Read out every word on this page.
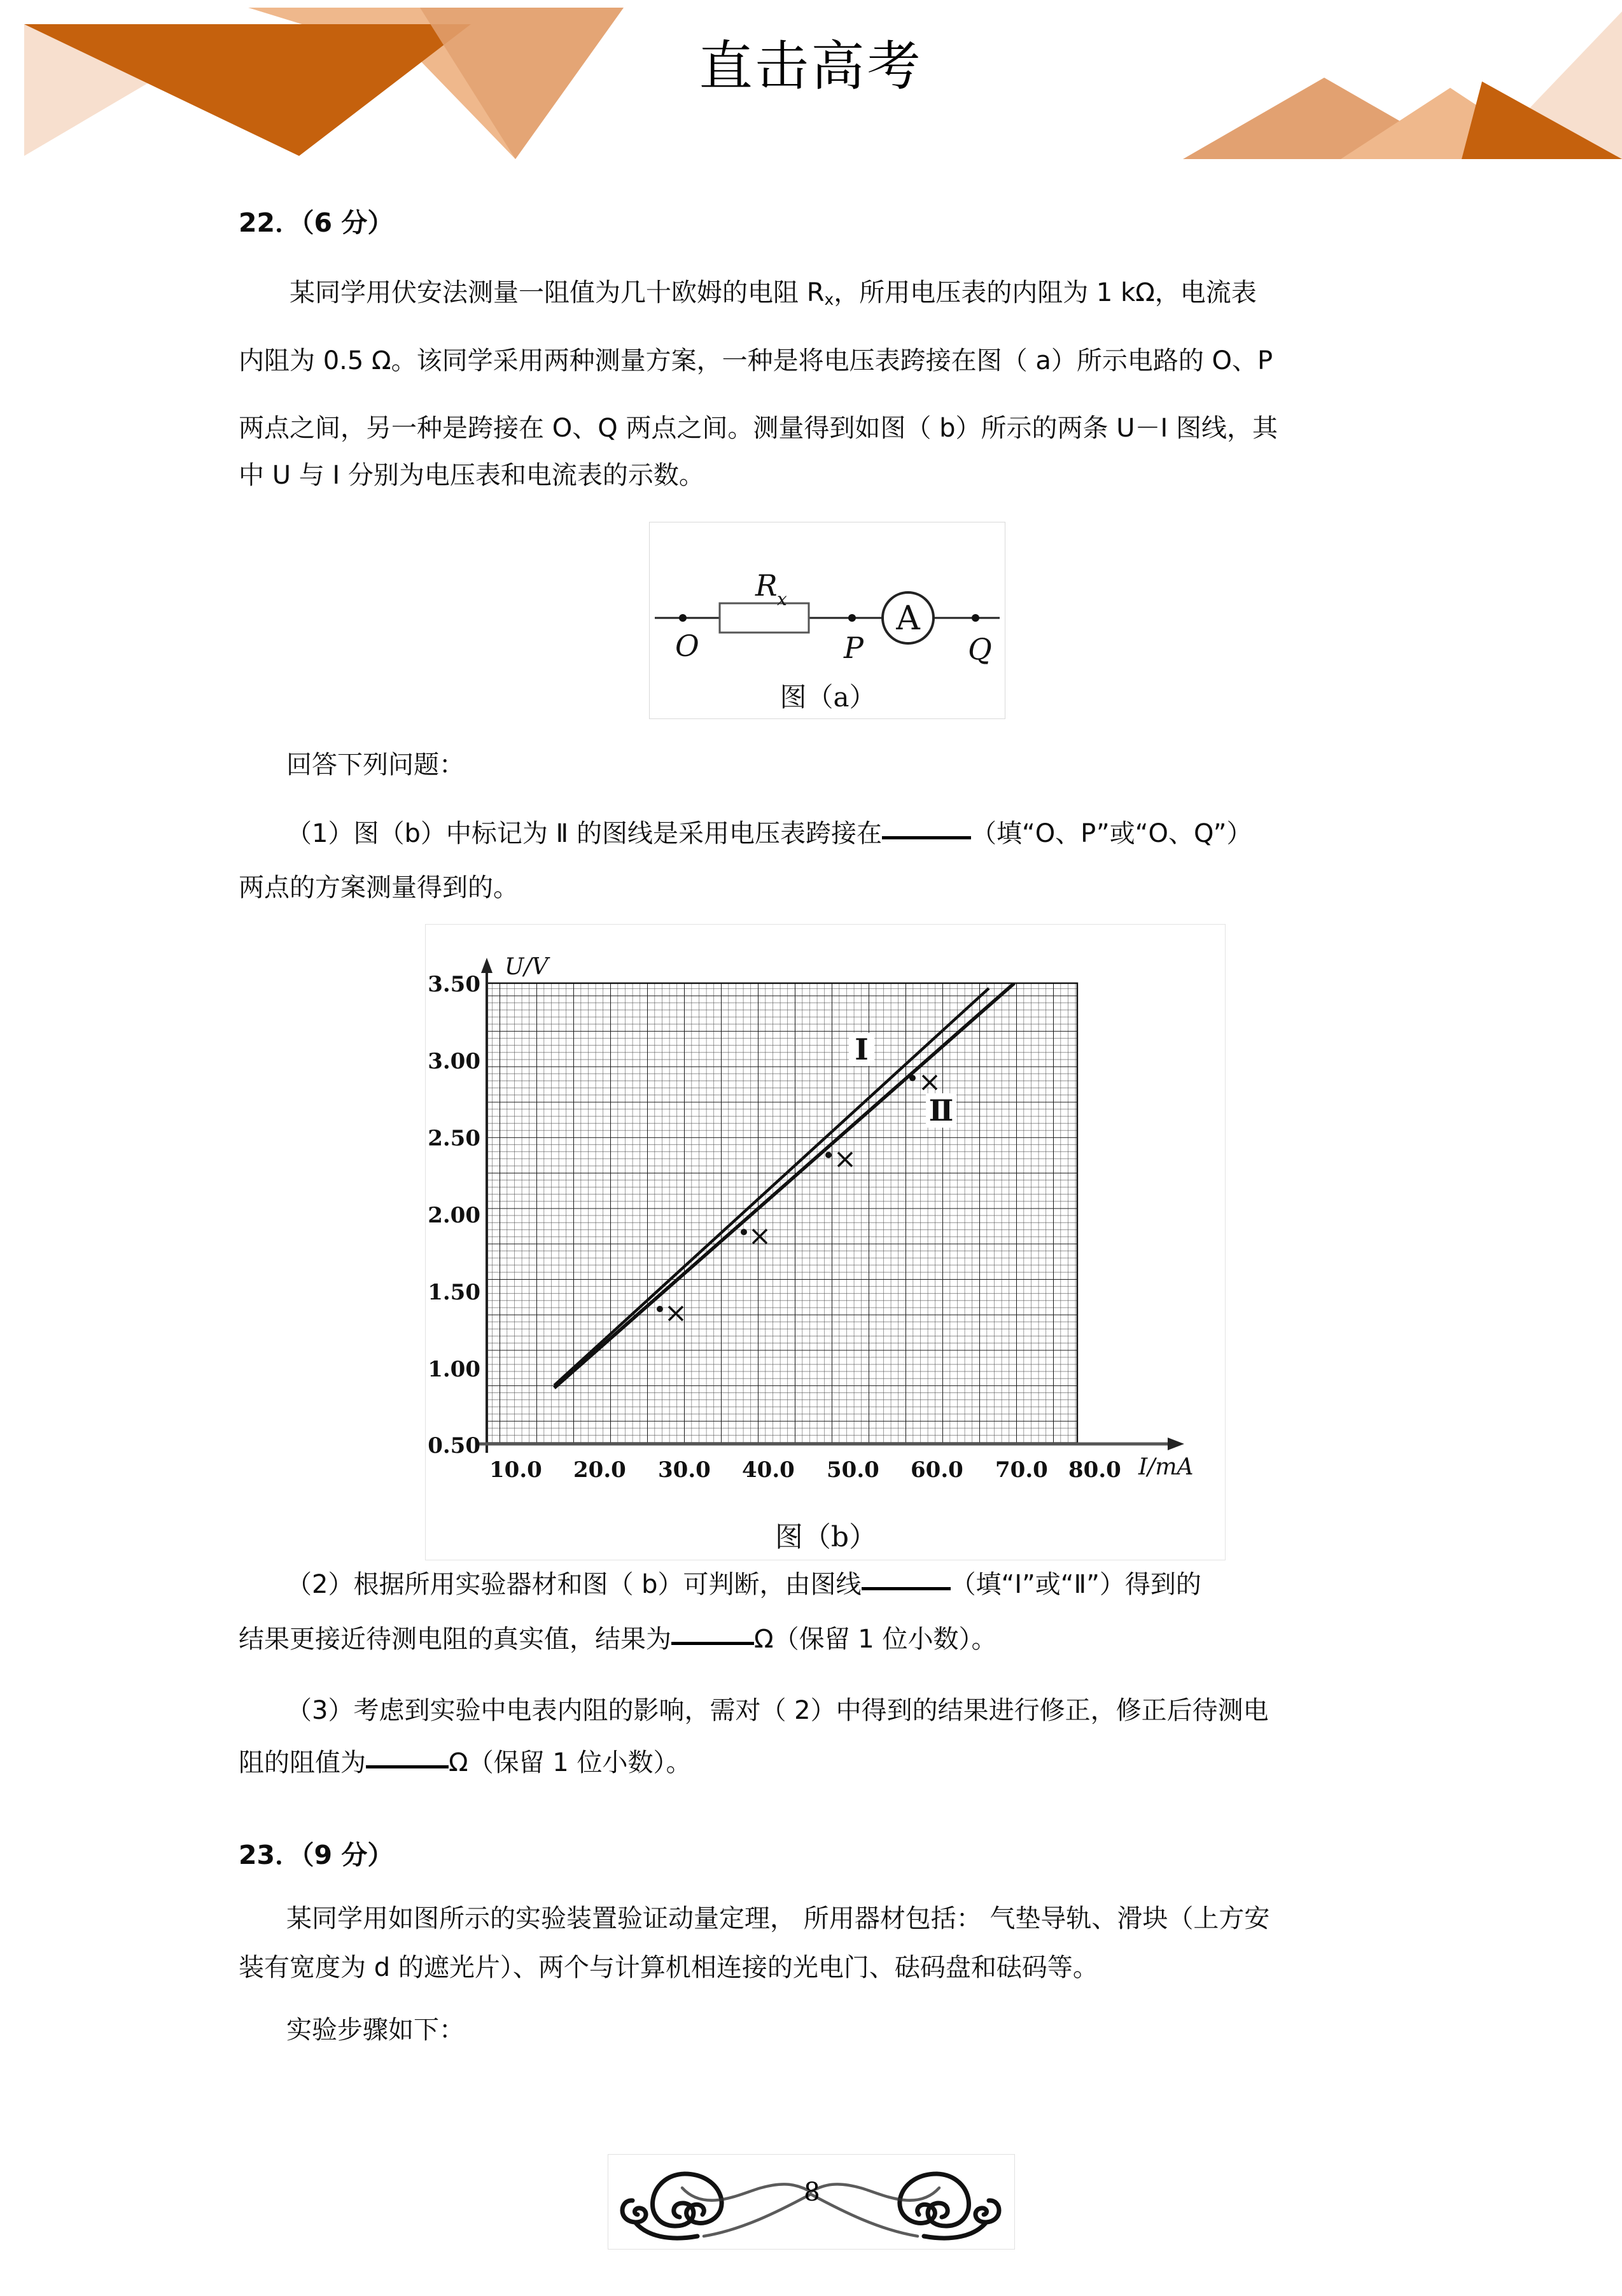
直击高考
22．（6 分）
某同学用伏安法测量一阻值为几十欧姆的电阻 Rx，所用电压表的内阻为 1 kΩ，电流表
内阻为 0.5 Ω。该同学采用两种测量方案，一种是将电压表跨接在图（ a）所示电路的 O、P
两点之间，另一种是跨接在 O、Q 两点之间。测量得到如图（ b）所示的两条 U－I 图线，其
中 U 与 I 分别为电压表和电流表的示数。
A
R x
O	P	Q
图（a）
回答下列问题：
（1）图（b）中标记为 Ⅱ 的图线是采用电压表跨接在	（填“O、P”或“O、Q”）
两点的方案测量得到的。
U/V
I/mA
3.50
3.00
2.50
2.00
1.50
1.00
0.50
10.0 20.0 30.0 40.0 50.0 60.0 70.0 80.0
Ⅰ
Ⅱ
图（b）
（2）根据所用实验器材和图（ b）可判断，由图线	（填“Ⅰ”或“Ⅱ”）得到的
结果更接近待测电阻的真实值，结果为	Ω（保留 1 位小数）。
（3）考虑到实验中电表内阻的影响，需对（ 2）中得到的结果进行修正，修正后待测电
阻的阻值为	Ω（保留 1 位小数）。
23．（9 分）
某同学用如图所示的实验装置验证动量定理， 所用器材包括： 气垫导轨、滑块（上方安
装有宽度为 d 的遮光片）、两个与计算机相连接的光电门、砝码盘和砝码等。
实验步骤如下：
8
